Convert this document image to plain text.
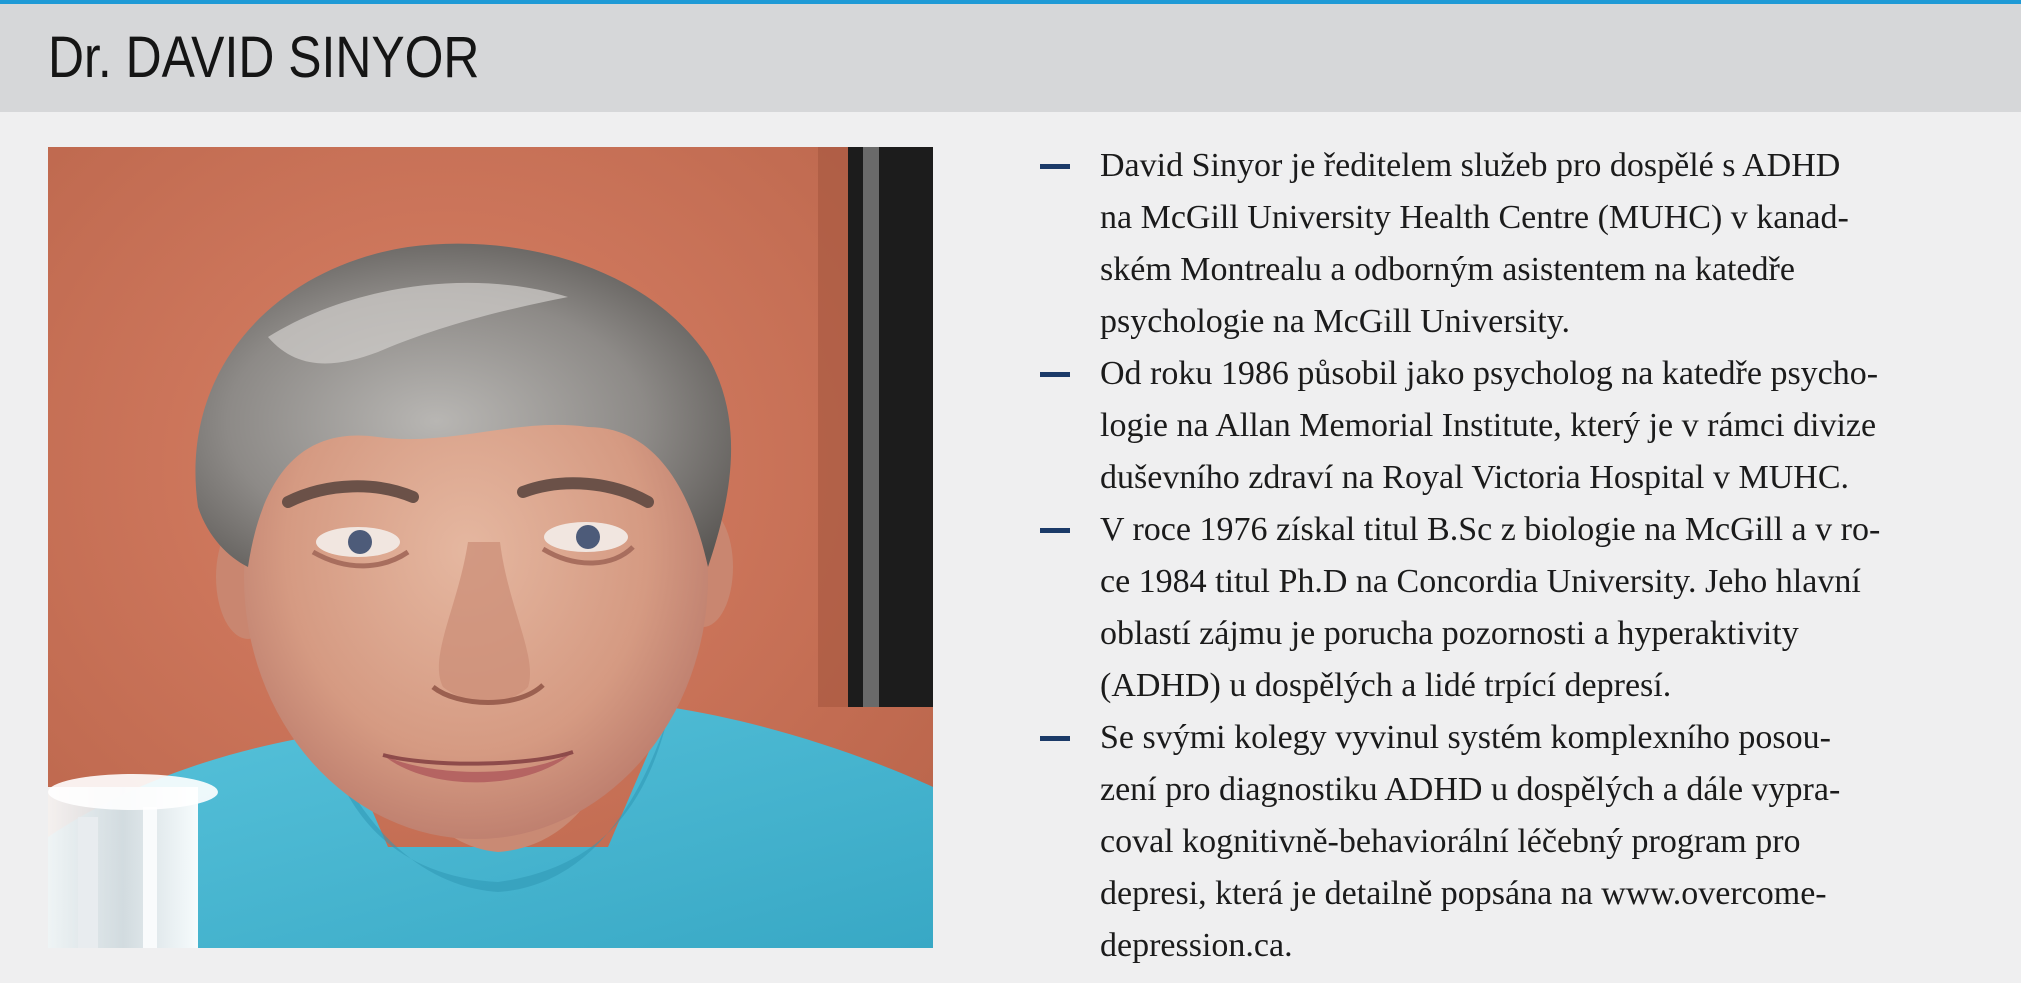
Dr. DAVID SINYOR
David Sinyor je ředitelem služeb pro dospělé s ADHD
na McGill University Health Centre (MUHC) v kanad-
ském Montrealu a odborným asistentem na katedře
psychologie na McGill University.
Od roku 1986 působil jako psycholog na katedře psycho-
logie na Allan Memorial Institute, který je v rámci divize
duševního zdraví na Royal Victoria Hospital v MUHC.
V roce 1976 získal titul B.Sc z biologie na McGill a v ro-
ce 1984 titul Ph.D na Concordia University. Jeho hlavní
oblastí zájmu je porucha pozornosti a hyperaktivity
(ADHD) u dospělých a lidé trpící depresí.
Se svými kolegy vyvinul systém komplexního posou-
zení pro diagnostiku ADHD u dospělých a dále vypra-
coval kognitivně-behaviorální léčebný program pro
depresi, která je detailně popsána na www.overcome-
depression.ca.
